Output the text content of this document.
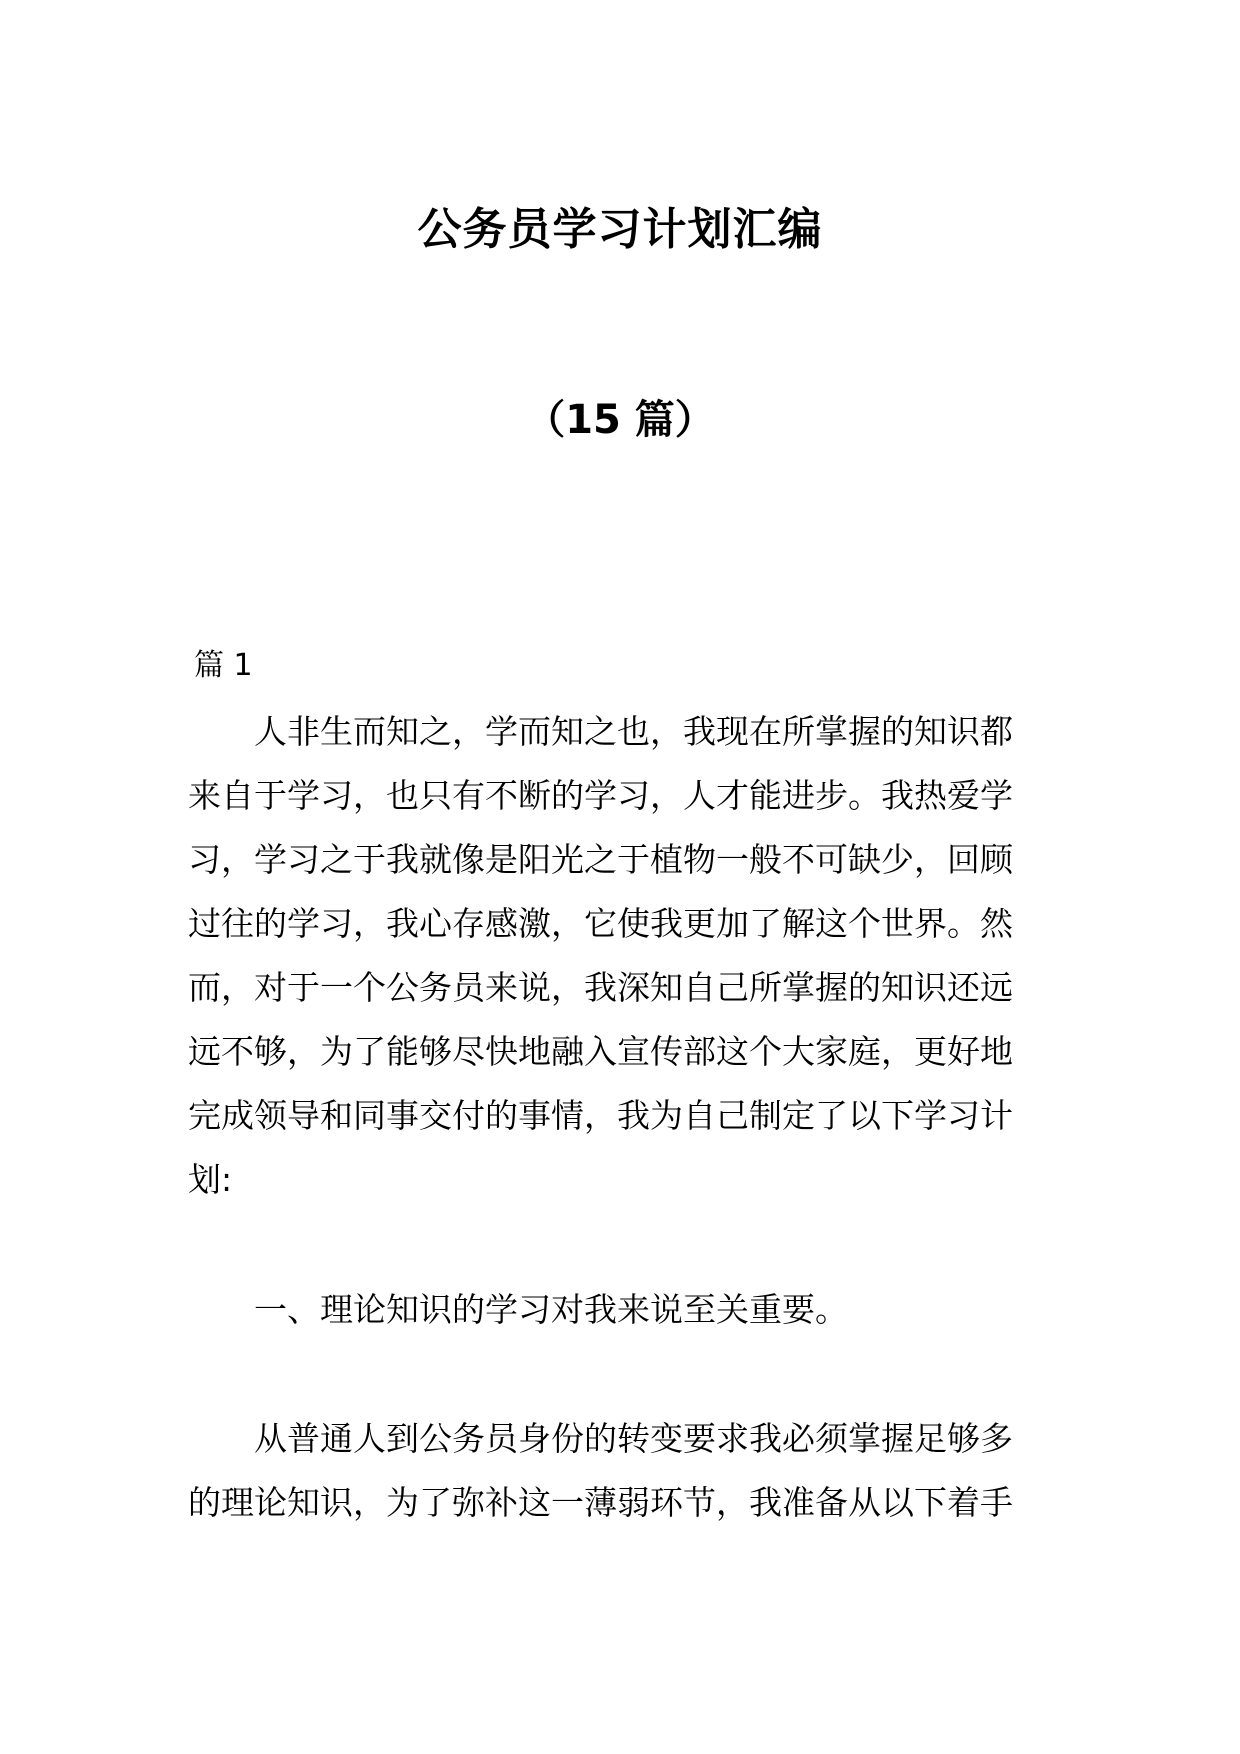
公务员学习计划汇编
（15 篇）
篇 1
人非生而知之，学而知之也，我现在所掌握的知识都
来自于学习，也只有不断的学习，人才能进步。我热爱学
习，学习之于我就像是阳光之于植物一般不可缺少，回顾
过往的学习，我心存感激，它使我更加了解这个世界。然
而，对于一个公务员来说，我深知自己所掌握的知识还远
远不够，为了能够尽快地融入宣传部这个大家庭，更好地
完成领导和同事交付的事情，我为自己制定了以下学习计
划:
一、理论知识的学习对我来说至关重要。
从普通人到公务员身份的转变要求我必须掌握足够多
的理论知识，为了弥补这一薄弱环节，我准备从以下着手
